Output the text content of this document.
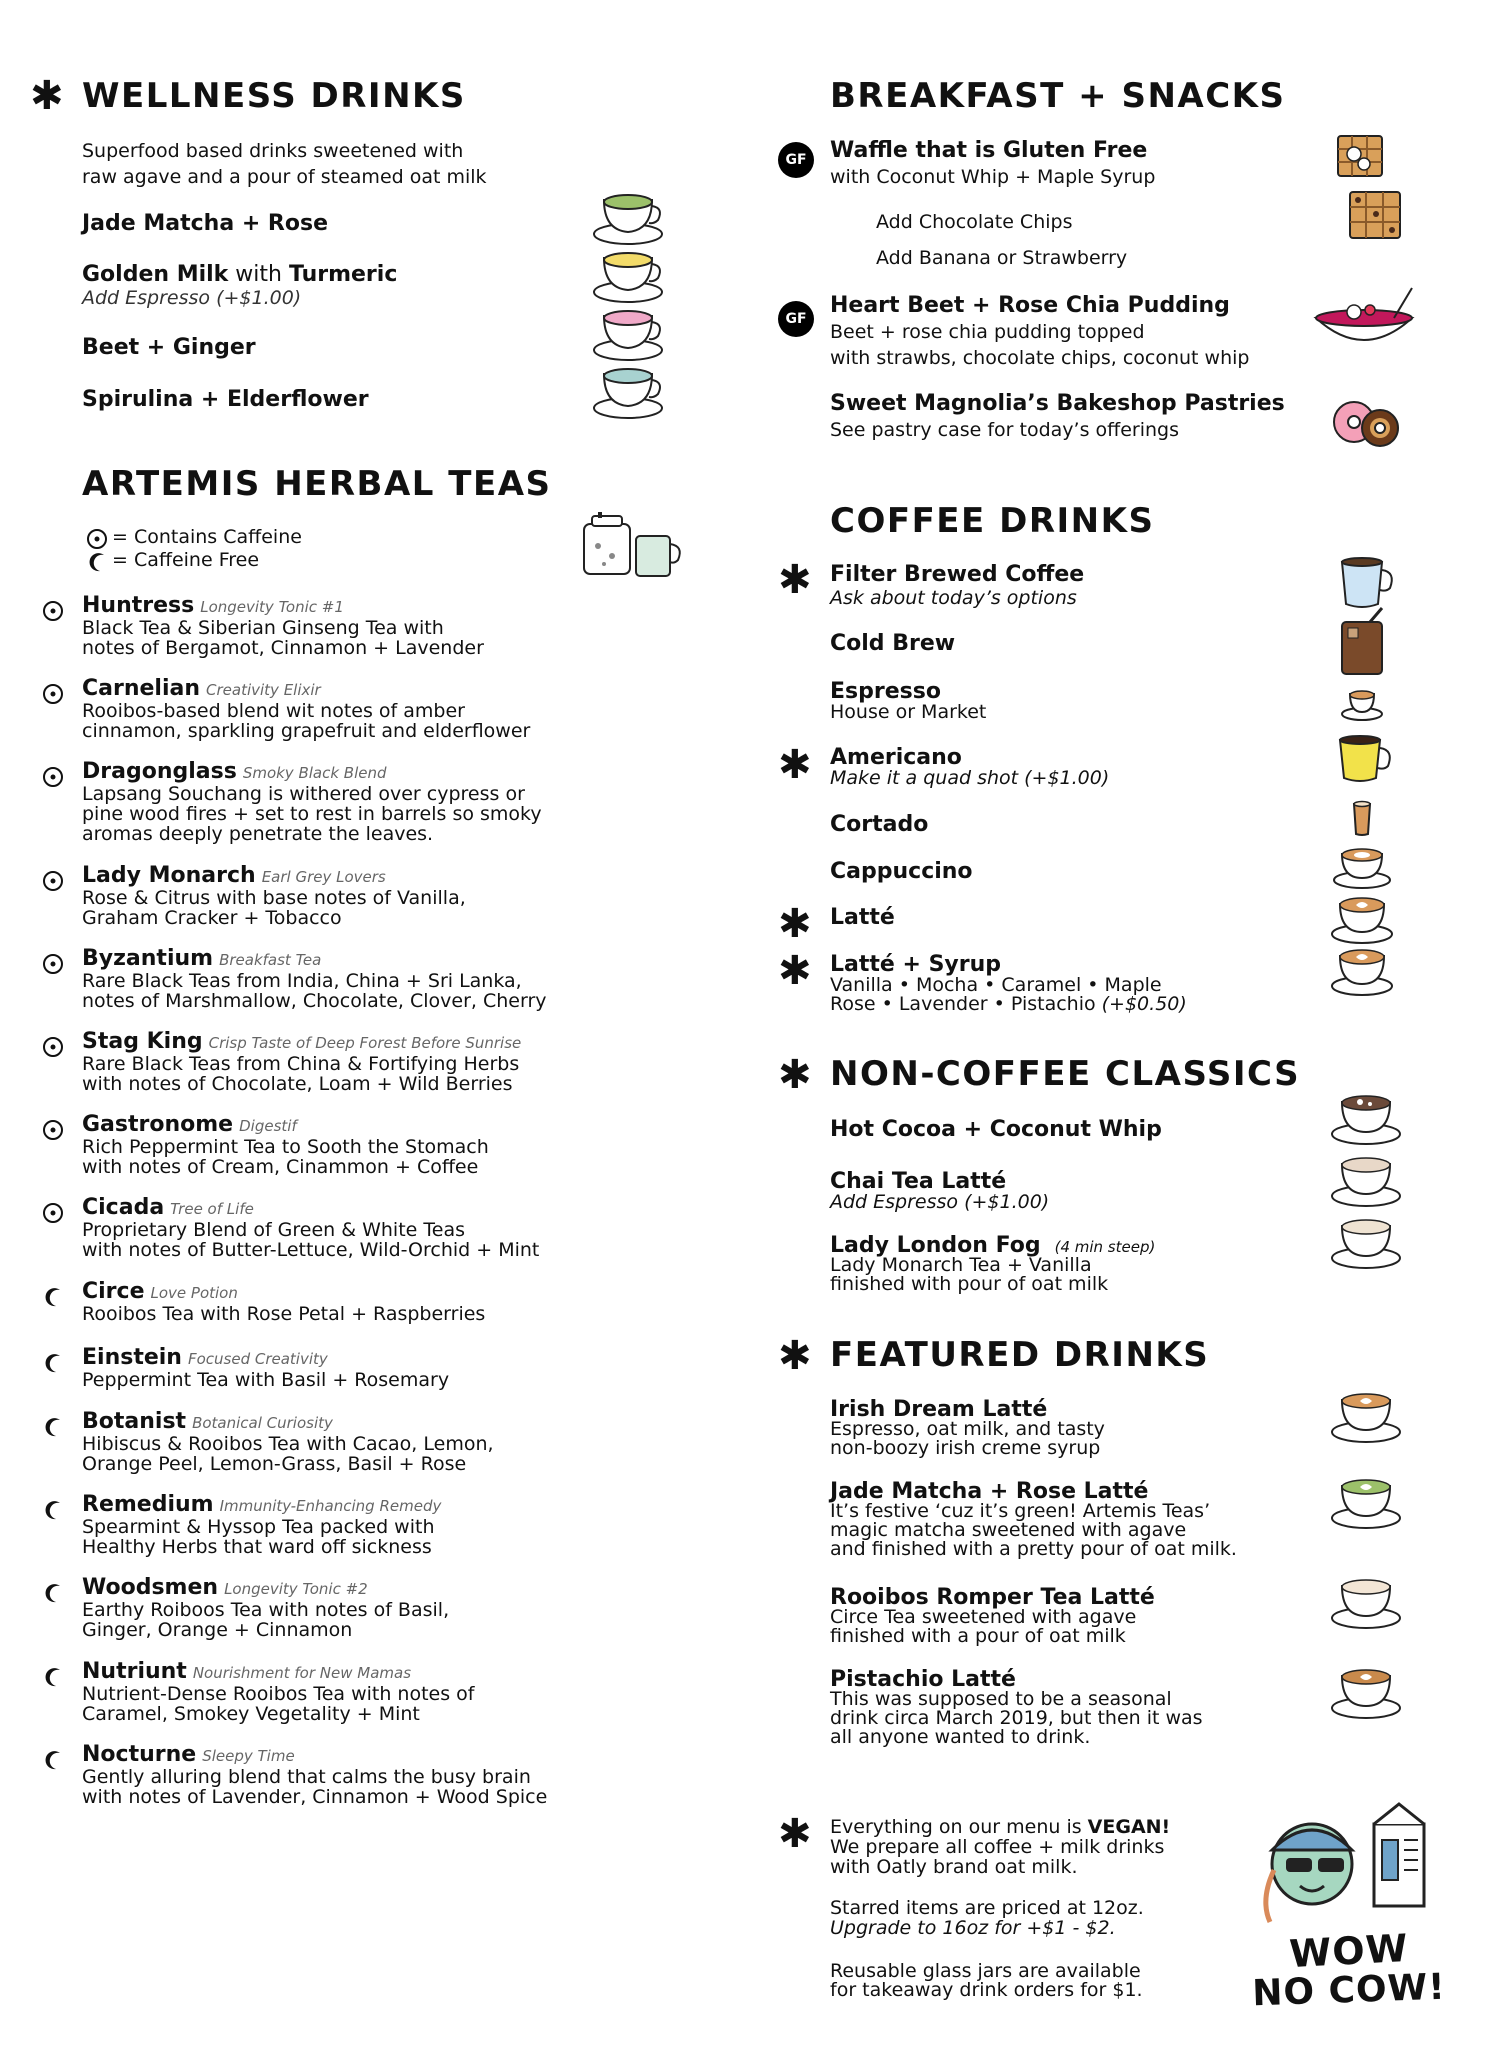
✱ WELLNESS DRINKS
Superfood based drinks sweetened with
raw agave and a pour of steamed oat milk
Jade Matcha + Rose
Golden Milk with Turmeric
Add Espresso (+$1.00)
Beet + Ginger
Spirulina + Elderflower
ARTEMIS HERBAL TEAS
= Contains Caffeine
= Caffeine Free
Huntress Longevity Tonic #1
Black Tea & Siberian Ginseng Tea with
notes of Bergamot, Cinnamon + Lavender
Carnelian Creativity Elixir
Rooibos-based blend wit notes of amber
cinnamon, sparkling grapefruit and elderflower
Dragonglass Smoky Black Blend
Lapsang Souchang is withered over cypress or
pine wood fires + set to rest in barrels so smoky
aromas deeply penetrate the leaves.
Lady Monarch Earl Grey Lovers
Rose & Citrus with base notes of Vanilla,
Graham Cracker + Tobacco
Byzantium Breakfast Tea
Rare Black Teas from India, China + Sri Lanka,
notes of Marshmallow, Chocolate, Clover, Cherry
Stag King Crisp Taste of Deep Forest Before Sunrise
Rare Black Teas from China & Fortifying Herbs
with notes of Chocolate, Loam + Wild Berries
Gastronome Digestif
Rich Peppermint Tea to Sooth the Stomach
with notes of Cream, Cinammon + Coffee
Cicada Tree of Life
Proprietary Blend of Green & White Teas
with notes of Butter-Lettuce, Wild-Orchid + Mint
Circe Love Potion
Rooibos Tea with Rose Petal + Raspberries
Einstein Focused Creativity
Peppermint Tea with Basil + Rosemary
Botanist Botanical Curiosity
Hibiscus & Rooibos Tea with Cacao, Lemon,
Orange Peel, Lemon-Grass, Basil + Rose
Remedium Immunity-Enhancing Remedy
Spearmint & Hyssop Tea packed with
Healthy Herbs that ward off sickness
Woodsmen Longevity Tonic #2
Earthy Roiboos Tea with notes of Basil,
Ginger, Orange + Cinnamon
Nutriunt Nourishment for New Mamas
Nutrient-Dense Rooibos Tea with notes of
Caramel, Smokey Vegetality + Mint
Nocturne Sleepy Time
Gently alluring blend that calms the busy brain
with notes of Lavender, Cinnamon + Wood Spice
BREAKFAST + SNACKS
GF	Waffle that is Gluten Free
with Coconut Whip + Maple Syrup
Add Chocolate Chips
Add Banana or Strawberry
GF
Heart Beet + Rose Chia Pudding
Beet + rose chia pudding topped
with strawbs, chocolate chips, coconut whip
Sweet Magnolia’s Bakeshop Pastries
See pastry case for today’s offerings
COFFEE DRINKS
✱ Filter Brewed Coffee
Ask about today’s options
Cold Brew
Espresso
House or Market
✱ Americano
Make it a quad shot (+$1.00)
Cortado
Cappuccino
✱ Latté
✱ Latté + Syrup
Vanilla • Mocha • Caramel • Maple
Rose • Lavender • Pistachio (+$0.50)
✱ NON-COFFEE CLASSICS
Hot Cocoa + Coconut Whip
Chai Tea Latté
Add Espresso (+$1.00)
Lady London Fog (4 min steep)
Lady Monarch Tea + Vanilla
finished with pour of oat milk
✱ FEATURED DRINKS
Irish Dream Latté
Espresso, oat milk, and tasty
non-boozy irish creme syrup
Jade Matcha + Rose Latté
It’s festive ‘cuz it’s green! Artemis Teas’
magic matcha sweetened with agave
and finished with a pretty pour of oat milk.
Rooibos Romper Tea Latté
Circe Tea sweetened with agave
finished with a pour of oat milk
Pistachio Latté
This was supposed to be a seasonal
drink circa March 2019, but then it was
all anyone wanted to drink.
✱ Everything on our menu is VEGAN!
We prepare all coffee + milk drinks
with Oatly brand oat milk.
Starred items are priced at 12oz.
Upgrade to 16oz for +$1 - $2.
Reusable glass jars are available
for takeaway drink orders for $1.
WOW
NO COW!
